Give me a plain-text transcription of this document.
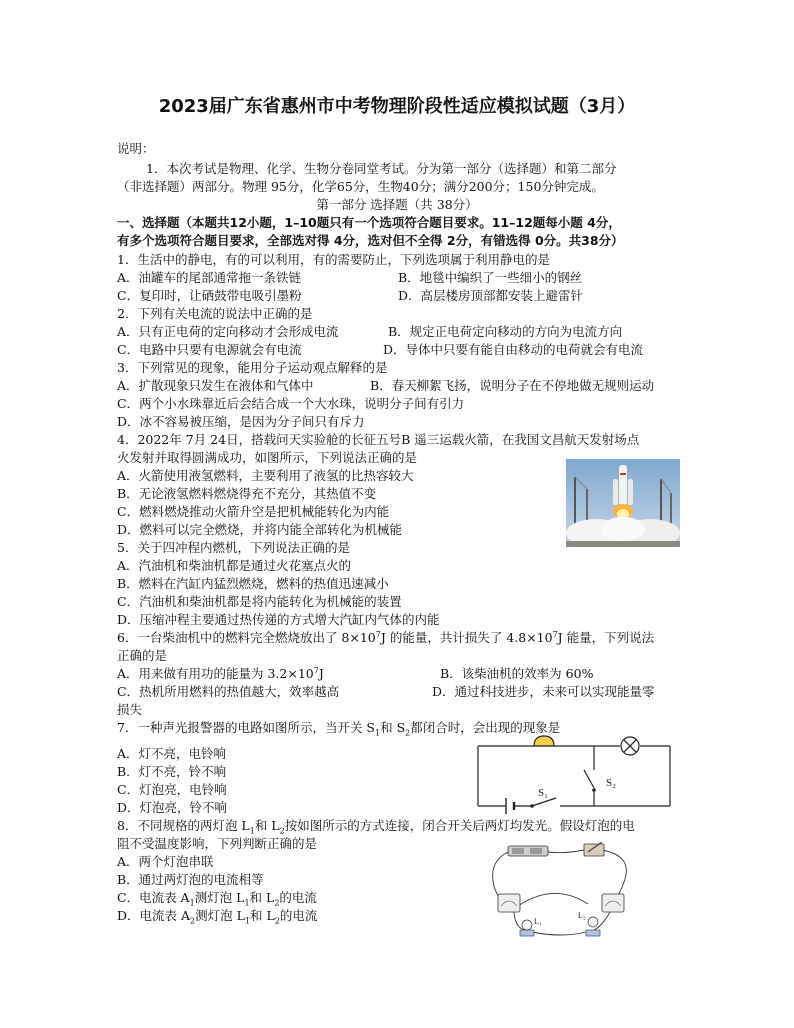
2023届广东省惠州市中考物理阶段性适应模拟试题（3月）
说明：
1．本次考试是物理、化学、生物分卷同堂考试。分为第一部分（选择题）和第二部分
（非选择题）两部分。物理 95分，化学65分，生物40分；满分200分；150分钟完成。
第一部分 选择题（共 38分）
一、选择题（本题共12小题，1–10题只有一个选项符合题目要求。11–12题每小题 4分，
有多个选项符合题目要求，全部选对得 4分，选对但不全得 2分，有错选得 0分。共38分）
1．生活中的静电，有的可以利用，有的需要防止，下列选项属于利用静电的是
A．油罐车的尾部通常拖一条铁链	B．地毯中编织了一些细小的钢丝
C．复印时，让硒鼓带电吸引墨粉	D．高层楼房顶部都安装上避雷针
2．下列有关电流的说法中正确的是
A．只有正电荷的定向移动才会形成电流	B．规定正电荷定向移动的方向为电流方向
C．电路中只要有电源就会有电流	D．导体中只要有能自由移动的电荷就会有电流
3．下列常见的现象，能用分子运动观点解释的是
A．扩散现象只发生在液体和气体中	B．春天柳絮飞扬，说明分子在不停地做无规则运动
C．两个小水珠靠近后会结合成一个大水珠，说明分子间有引力
D．冰不容易被压缩，是因为分子间只有斥力
4．2022年 7月 24日，搭载问天实验舱的长征五号B 遥三运载火箭，在我国文昌航天发射场点
火发射并取得圆满成功，如图所示，下列说法正确的是
A．火箭使用液氢燃料，主要利用了液氢的比热容较大
B．无论液氢燃料燃烧得充不充分，其热值不变
C．燃料燃烧推动火箭升空是把机械能转化为内能
D．燃料可以完全燃烧，并将内能全部转化为机械能
5．关于四冲程内燃机，下列说法正确的是
A．汽油机和柴油机都是通过火花塞点火的
B．燃料在汽缸内猛烈燃烧，燃料的热值迅速减小
C．汽油机和柴油机都是将内能转化为机械能的装置
D．压缩冲程主要通过热传递的方式增大汽缸内气体的内能
6．一台柴油机中的燃料完全燃烧放出了 $8\times 10^7J$ 的能量，共计损失了 $4.8\times 10^7J$ 能量，下列说法
正确的是
A．用来做有用功的能量为 $3.2\times 10^7J$	B．该柴油机的效率为 60%
C．热机所用燃料的热值越大，效率越高	D．通过科技进步，未来可以实现能量零
损失
7．一种声光报警器的电路如图所示，当开关 $S_1$和 $S_2$都闭合时，会出现的现象是
A．灯不亮，电铃响
B．灯不亮，铃不响
C．灯泡亮，电铃响
D．灯泡亮，铃不响
S₁
S₂
8．不同规格的两灯泡 $L_1$和 $L_2$按如图所示的方式连接，闭合开关后两灯均发光。假设灯泡的电
阻不受温度影响，下列判断正确的是
A．两个灯泡串联
B．通过两灯泡的电流相等
C．电流表 $A_1$测灯泡 $L_1$和 $L_2$的电流
D．电流表 $A_2$测灯泡 $L_1$和 $L_2$的电流	L₁
L₂
